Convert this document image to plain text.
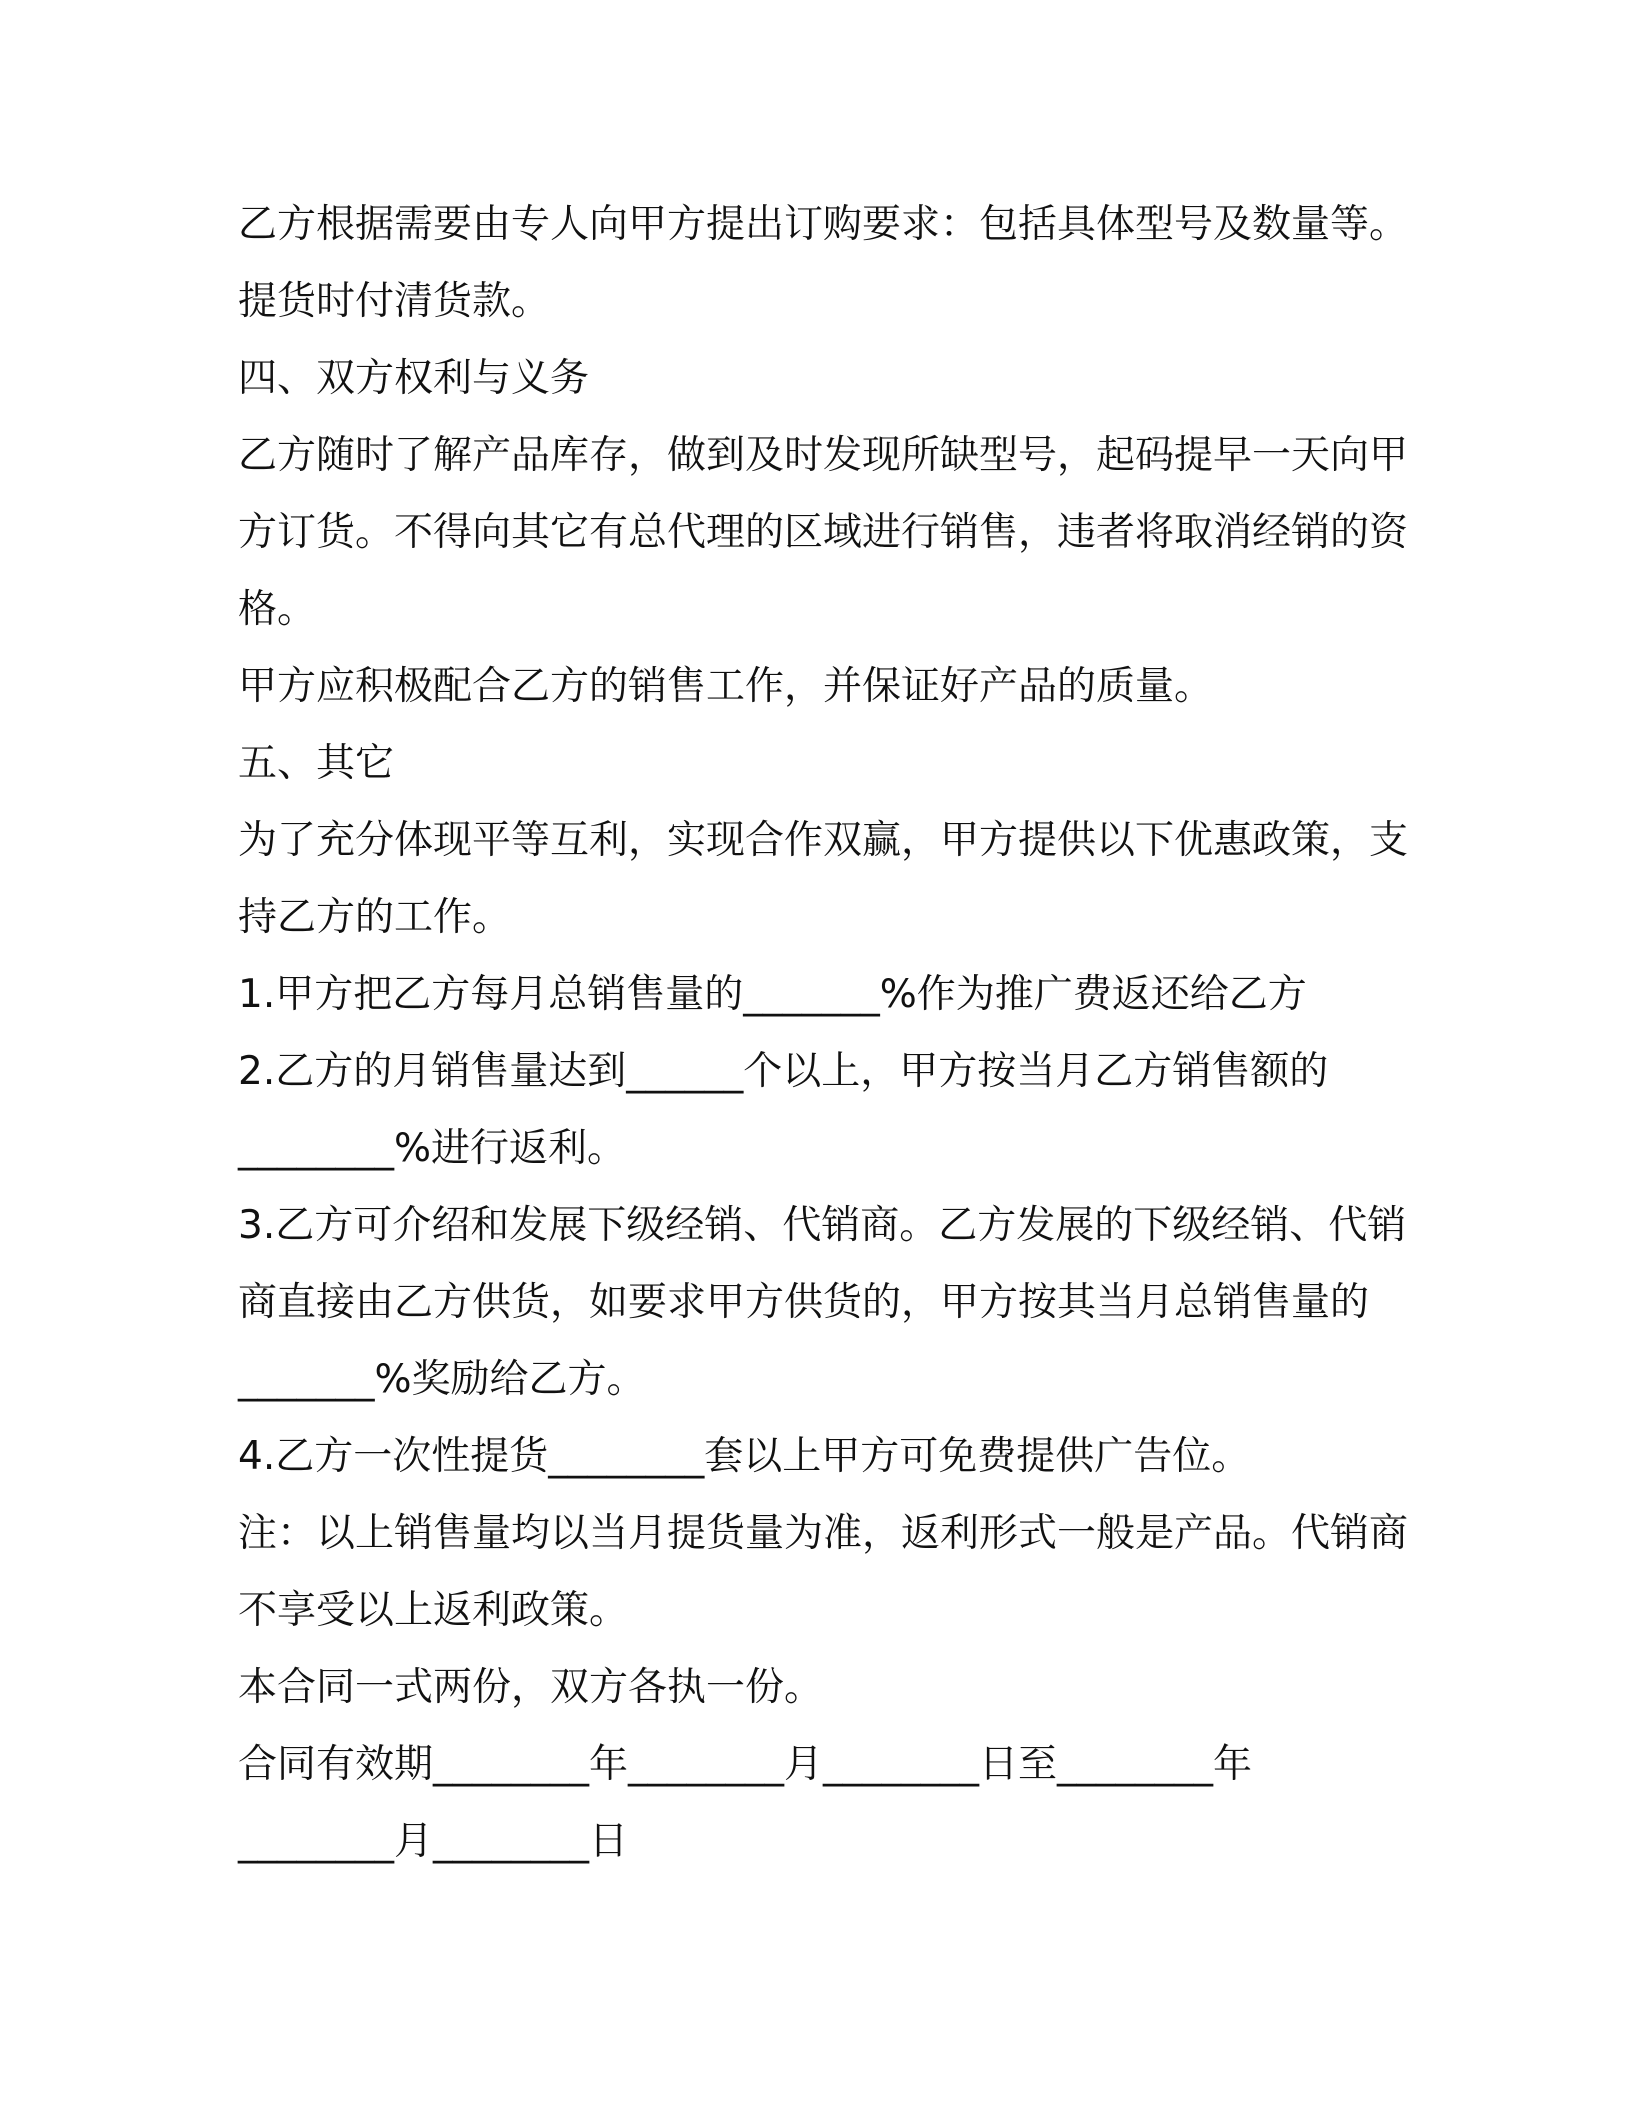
乙方根据需要由专人向甲方提出订购要求：包括具体型号及数量等。
提货时付清货款。
四、双方权利与义务
乙方随时了解产品库存，做到及时发现所缺型号，起码提早一天向甲
方订货。不得向其它有总代理的区域进行销售，违者将取消经销的资
格。
甲方应积极配合乙方的销售工作，并保证好产品的质量。
五、其它
为了充分体现平等互利，实现合作双赢，甲方提供以下优惠政策，支
持乙方的工作。
1.甲方把乙方每月总销售量的_______%作为推广费返还给乙方
2.乙方的月销售量达到______个以上，甲方按当月乙方销售额的
________%进行返利。
3.乙方可介绍和发展下级经销、代销商。乙方发展的下级经销、代销
商直接由乙方供货，如要求甲方供货的，甲方按其当月总销售量的
_______%奖励给乙方。
4.乙方一次性提货________套以上甲方可免费提供广告位。
注：以上销售量均以当月提货量为准，返利形式一般是产品。代销商
不享受以上返利政策。
本合同一式两份，双方各执一份。
合同有效期________年________月________日至________年
________月________日
